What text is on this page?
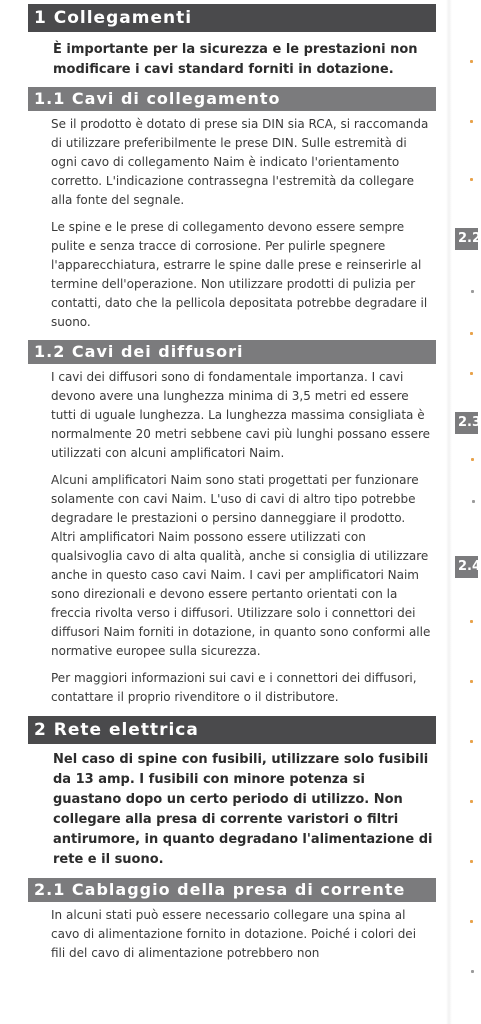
1 Collegamenti

È importante per la sicurezza e le prestazioni non modificare i cavi standard forniti in dotazione.

1.1 Cavi di collegamento

Se il prodotto è dotato di prese sia DIN sia RCA, si raccomanda di utilizzare preferibilmente le prese DIN. Sulle estremità di ogni cavo di collegamento Naim è indicato l'orientamento corretto. L'indicazione contrassegna l'estremità da collegare alla fonte del segnale.

Le spine e le prese di collegamento devono essere sempre pulite e senza tracce di corrosione. Per pulirle spegnere l'apparecchiatura, estrarre le spine dalle prese e reinserirle al termine dell'operazione. Non utilizzare prodotti di pulizia per contatti, dato che la pellicola depositata potrebbe degradare il suono.

1.2 Cavi dei diffusori

I cavi dei diffusori sono di fondamentale importanza. I cavi devono avere una lunghezza minima di 3,5 metri ed essere tutti di uguale lunghezza. La lunghezza massima consigliata è normalmente 20 metri sebbene cavi più lunghi possano essere utilizzati con alcuni amplificatori Naim.

Alcuni amplificatori Naim sono stati progettati per funzionare solamente con cavi Naim. L'uso di cavi di altro tipo potrebbe degradare le prestazioni o persino danneggiare il prodotto. Altri amplificatori Naim possono essere utilizzati con qualsivoglia cavo di alta qualità, anche si consiglia di utilizzare anche in questo caso cavi Naim. I cavi per amplificatori Naim sono direzionali e devono essere pertanto orientati con la freccia rivolta verso i diffusori. Utilizzare solo i connettori dei diffusori Naim forniti in dotazione, in quanto sono conformi alle normative europee sulla sicurezza.

Per maggiori informazioni sui cavi e i connettori dei diffusori, contattare il proprio rivenditore o il distributore.

2 Rete elettrica

Nel caso di spine con fusibili, utilizzare solo fusibili da 13 amp. I fusibili con minore potenza si guastano dopo un certo periodo di utilizzo. Non collegare alla presa di corrente varistori o filtri antirumore, in quanto degradano l'alimentazione di rete e il suono.

2.1 Cablaggio della presa di corrente

In alcuni stati può essere necessario collegare una spina al cavo di alimentazione fornito in dotazione. Poiché i colori dei fili del cavo di alimentazione potrebbero non

2.2
2.3
2.4
